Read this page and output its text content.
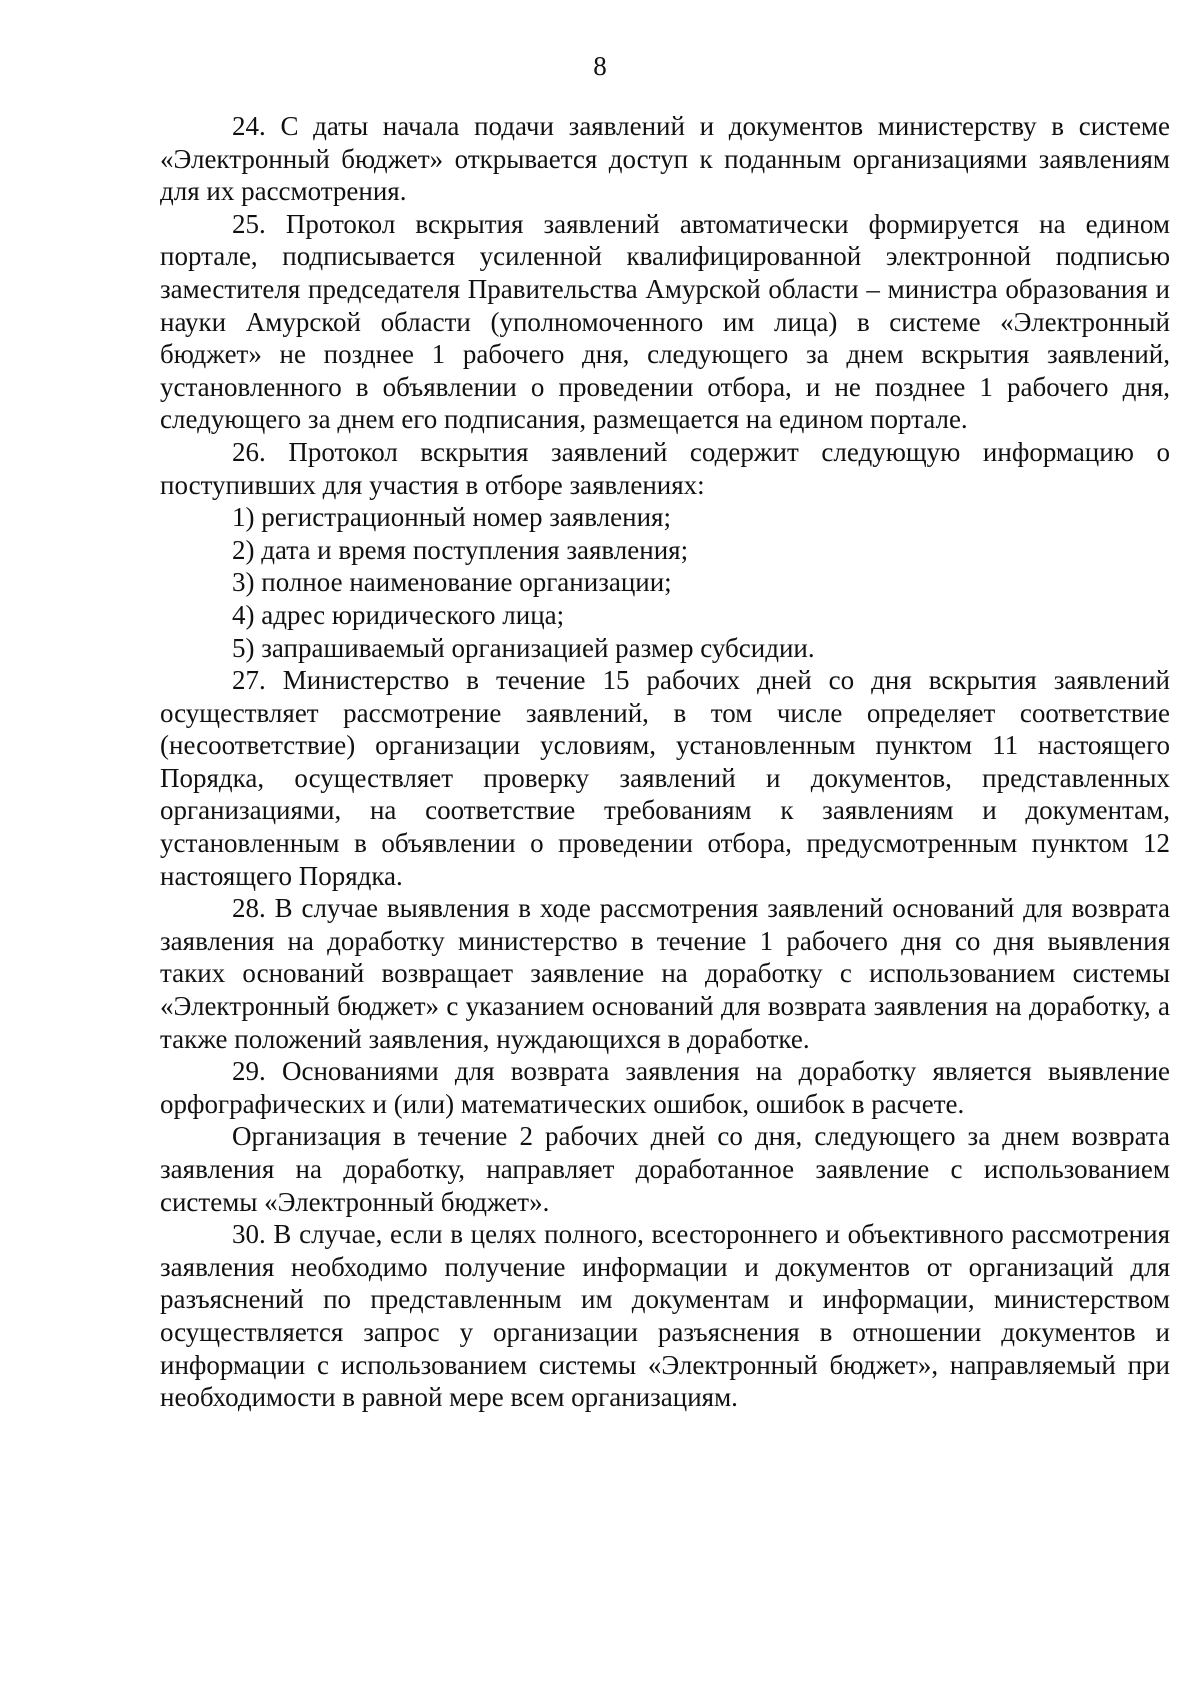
8

24. С даты начала подачи заявлений и документов министерству в системе «Электронный бюджет» открывается доступ к поданным организациями заявлениям для их рассмотрения.

25. Протокол вскрытия заявлений автоматически формируется на едином портале, подписывается усиленной квалифицированной электронной подписью заместителя председателя Правительства Амурской области – министра образования и науки Амурской области (уполномоченного им лица) в системе «Электронный бюджет» не позднее 1 рабочего дня, следующего за днем вскрытия заявлений, установленного в объявлении о проведении отбора, и не позднее 1 рабочего дня, следующего за днем его подписания, размещается на едином портале.

26. Протокол вскрытия заявлений содержит следующую информацию о поступивших для участия в отборе заявлениях:

1) регистрационный номер заявления;

2) дата и время поступления заявления;

3) полное наименование организации;

4) адрес юридического лица;

5) запрашиваемый организацией размер субсидии.

27. Министерство в течение 15 рабочих дней со дня вскрытия заявлений осуществляет рассмотрение заявлений, в том числе определяет соответствие (несоответствие) организации условиям, установленным пунктом 11 настоящего Порядка, осуществляет проверку заявлений и документов, представленных организациями, на соответствие требованиям к заявлениям и документам, установленным в объявлении о проведении отбора, предусмотренным пунктом 12 настоящего Порядка.

28. В случае выявления в ходе рассмотрения заявлений оснований для возврата заявления на доработку министерство в течение 1 рабочего дня со дня выявления таких оснований возвращает заявление на доработку с использованием системы «Электронный бюджет» с указанием оснований для возврата заявления на доработку, а также положений заявления, нуждающихся в доработке.

29. Основаниями для возврата заявления на доработку является выявление орфографических и (или) математических ошибок, ошибок в расчете.

Организация в течение 2 рабочих дней со дня, следующего за днем возврата заявления на доработку, направляет доработанное заявление с использованием системы «Электронный бюджет».

30. В случае, если в целях полного, всестороннего и объективного рассмотрения заявления необходимо получение информации и документов от организаций для разъяснений по представленным им документам и информации, министерством осуществляется запрос у организации разъяснения в отношении документов и информации с использованием системы «Электронный бюджет», направляемый при необходимости в равной мере всем организациям.
